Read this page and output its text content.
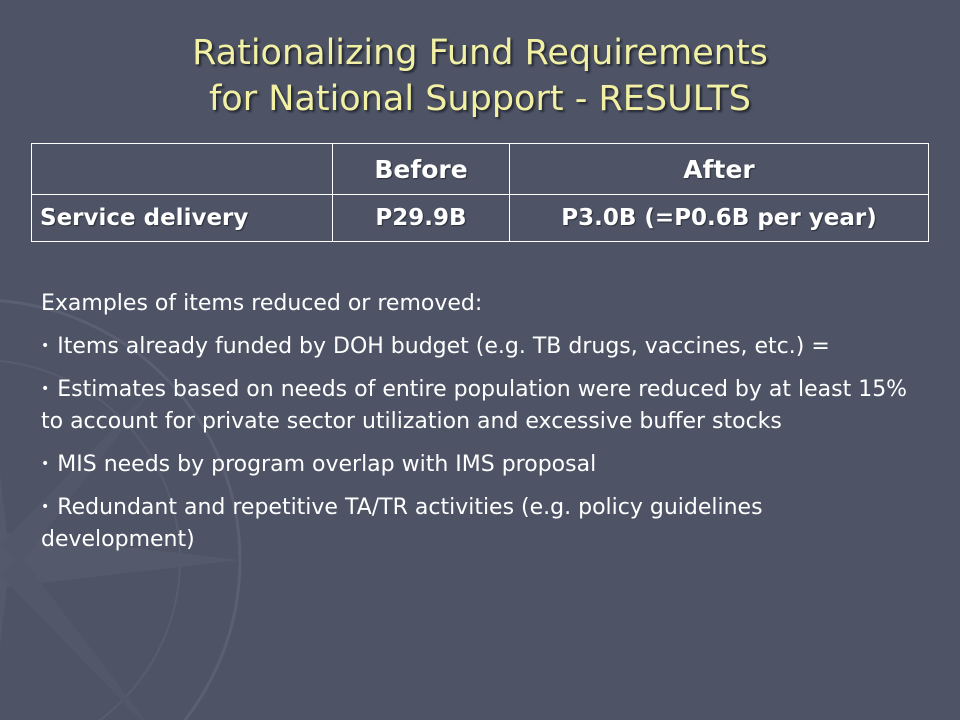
Rationalizing Fund Requirements
for National Support - RESULTS
	Before	After
Service delivery	P29.9B	P3.0B (=P0.6B per year)

Examples of items reduced or removed:

• Items already funded by DOH budget (e.g. TB drugs, vaccines, etc.) =

• Estimates based on needs of entire population were reduced by at least 15% to account for private sector utilization and excessive buffer stocks

• MIS needs by program overlap with IMS proposal

• Redundant and repetitive TA/TR activities (e.g. policy guidelines development)
